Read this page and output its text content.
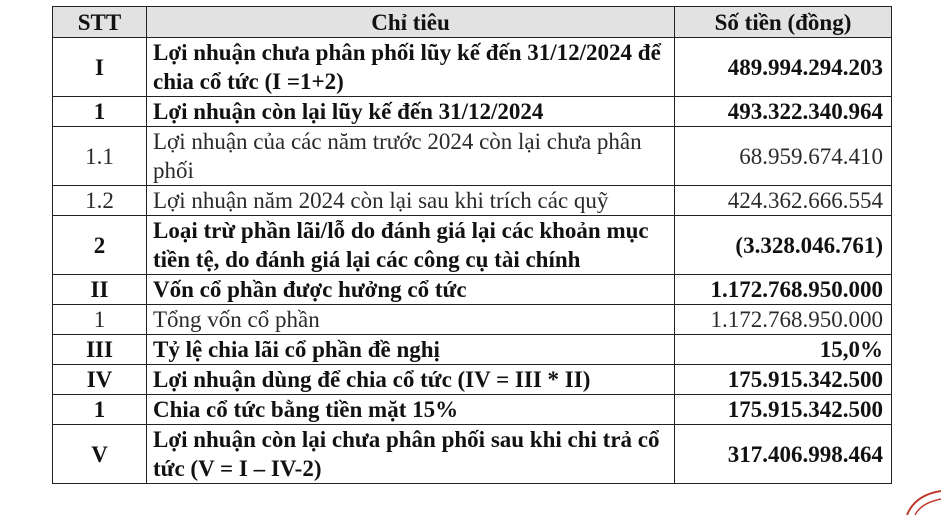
STT	Chỉ tiêu	Số tiền (đồng)
I	Lợi nhuận chưa phân phối lũy kế đến 31/12/2024 để chia cổ tức (I =1+2)	489.994.294.203
1	Lợi nhuận còn lại lũy kế đến 31/12/2024	493.322.340.964
1.1	Lợi nhuận của các năm trước 2024 còn lại chưa phân phối	68.959.674.410
1.2	Lợi nhuận năm 2024 còn lại sau khi trích các quỹ	424.362.666.554
2	Loại trừ phần lãi/lỗ do đánh giá lại các khoản mục tiền tệ, do đánh giá lại các công cụ tài chính	(3.328.046.761)
II	Vốn cổ phần được hưởng cổ tức	1.172.768.950.000
1	Tổng vốn cổ phần	1.172.768.950.000
III	Tỷ lệ chia lãi cổ phần đề nghị	15,0%
IV	Lợi nhuận dùng để chia cổ tức (IV = III * II)	175.915.342.500
1	Chia cổ tức bằng tiền mặt 15%	175.915.342.500
V	Lợi nhuận còn lại chưa phân phối sau khi chi trả cổ tức (V = I – IV-2)	317.406.998.464
